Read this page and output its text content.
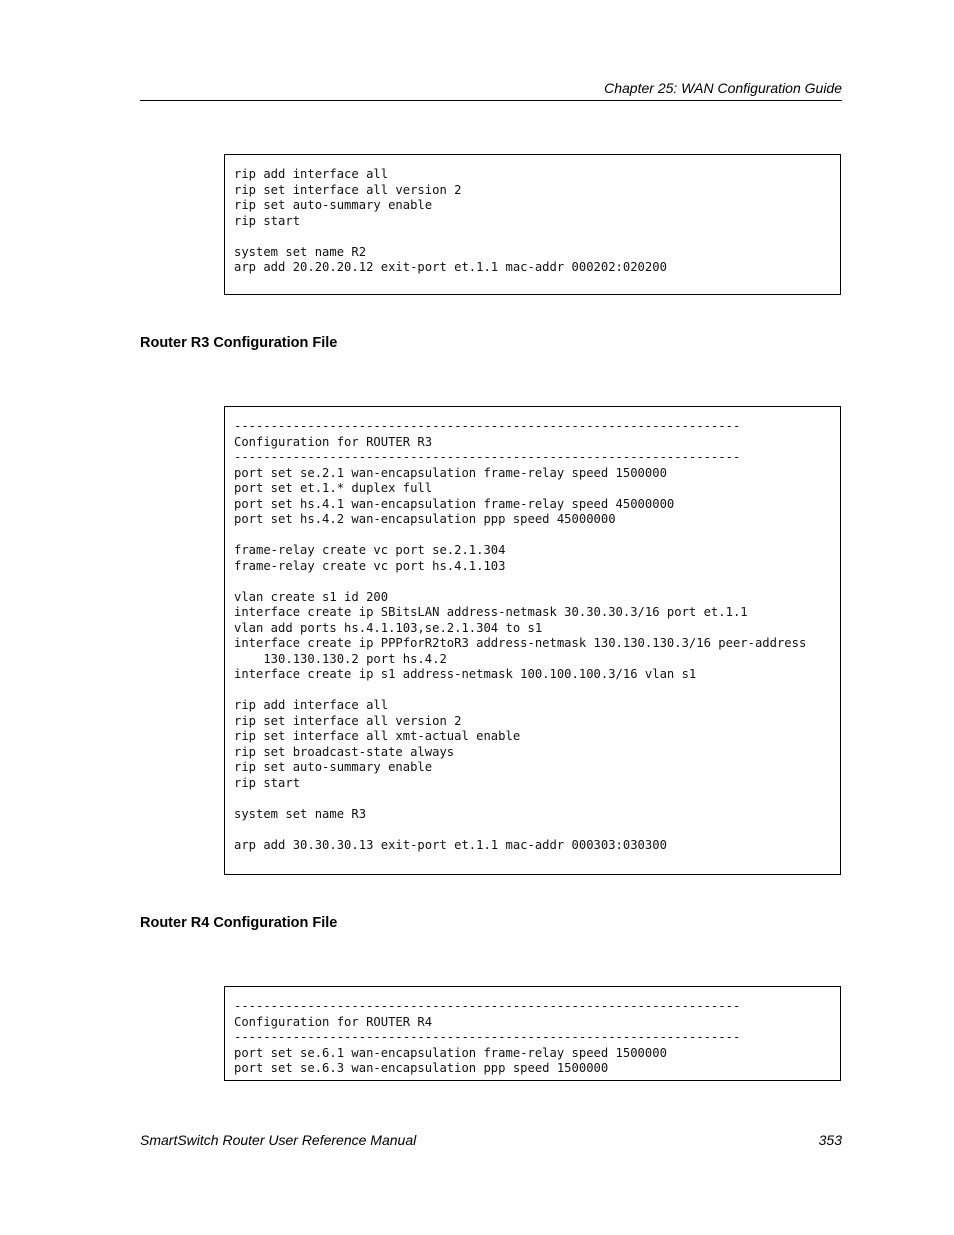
Chapter 25: WAN Configuration Guide
rip add interface all
rip set interface all version 2
rip set auto-summary enable
rip start

system set name R2
arp add 20.20.20.12 exit-port et.1.1 mac-addr 000202:020200
Router R3 Configuration File
---------------------------------------------------------------------
Configuration for ROUTER R3
---------------------------------------------------------------------
port set se.2.1 wan-encapsulation frame-relay speed 1500000
port set et.1.* duplex full
port set hs.4.1 wan-encapsulation frame-relay speed 45000000
port set hs.4.2 wan-encapsulation ppp speed 45000000

frame-relay create vc port se.2.1.304
frame-relay create vc port hs.4.1.103

vlan create s1 id 200
interface create ip SBitsLAN address-netmask 30.30.30.3/16 port et.1.1
vlan add ports hs.4.1.103,se.2.1.304 to s1
interface create ip PPPforR2toR3 address-netmask 130.130.130.3/16 peer-address
130.130.130.2 port hs.4.2
interface create ip s1 address-netmask 100.100.100.3/16 vlan s1

rip add interface all
rip set interface all version 2
rip set interface all xmt-actual enable
rip set broadcast-state always
rip set auto-summary enable
rip start

system set name R3

arp add 30.30.30.13 exit-port et.1.1 mac-addr 000303:030300
Router R4 Configuration File
---------------------------------------------------------------------
Configuration for ROUTER R4
---------------------------------------------------------------------
port set se.6.1 wan-encapsulation frame-relay speed 1500000
port set se.6.3 wan-encapsulation ppp speed 1500000
SmartSwitch Router User Reference Manual	353
